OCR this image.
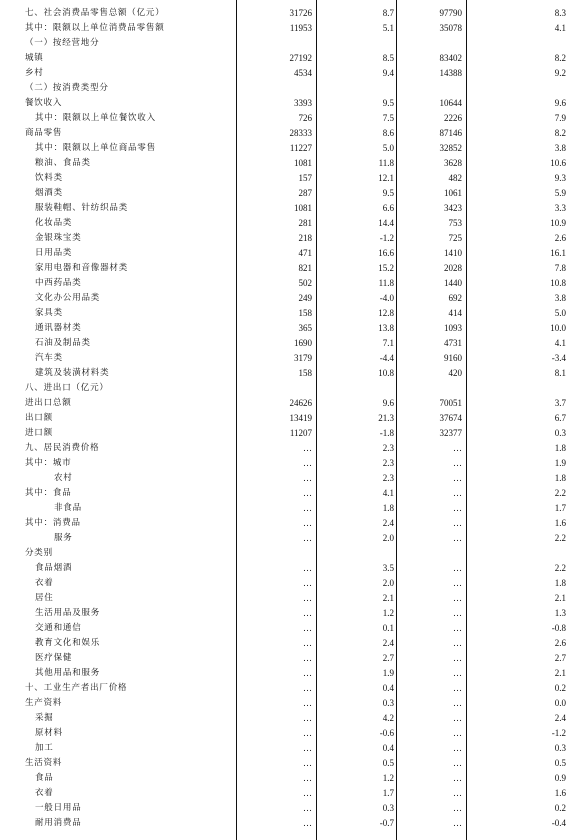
七、社会消费品零售总额（亿元）	31726	8.7	97790	8.3
其中：限额以上单位消费品零售额	11953	5.1	35078	4.1
（一）按经营地分				
城镇	27192	8.5	83402	8.2
乡村	4534	9.4	14388	9.2
（二）按消费类型分				
餐饮收入	3393	9.5	10644	9.6
其中：限额以上单位餐饮收入	726	7.5	2226	7.9
商品零售	28333	8.6	87146	8.2
其中：限额以上单位商品零售	11227	5.0	32852	3.8
粮油、食品类	1081	11.8	3628	10.6
饮料类	157	12.1	482	9.3
烟酒类	287	9.5	1061	5.9
服装鞋帽、针纺织品类	1081	6.6	3423	3.3
化妆品类	281	14.4	753	10.9
金银珠宝类	218	-1.2	725	2.6
日用品类	471	16.6	1410	16.1
家用电器和音像器材类	821	15.2	2028	7.8
中西药品类	502	11.8	1440	10.8
文化办公用品类	249	-4.0	692	3.8
家具类	158	12.8	414	5.0
通讯器材类	365	13.8	1093	10.0
石油及制品类	1690	7.1	4731	4.1
汽车类	3179	-4.4	9160	-3.4
建筑及装潢材料类	158	10.8	420	8.1
八、进出口（亿元）				
进出口总额	24626	9.6	70051	3.7
出口额	13419	21.3	37674	6.7
进口额	11207	-1.8	32377	0.3
九、居民消费价格	…	2.3	…	1.8
其中：城市	…	2.3	…	1.9
农村	…	2.3	…	1.8
其中：食品	…	4.1	…	2.2
非食品	…	1.8	…	1.7
其中：消费品	…	2.4	…	1.6
服务	…	2.0	…	2.2
分类别				
食品烟酒	…	3.5	…	2.2
衣着	…	2.0	…	1.8
居住	…	2.1	…	2.1
生活用品及服务	…	1.2	…	1.3
交通和通信	…	0.1	…	-0.8
教育文化和娱乐	…	2.4	…	2.6
医疗保健	…	2.7	…	2.7
其他用品和服务	…	1.9	…	2.1
十、工业生产者出厂价格	…	0.4	…	0.2
生产资料	…	0.3	…	0.0
采掘	…	4.2	…	2.4
原材料	…	-0.6	…	-1.2
加工	…	0.4	…	0.3
生活资料	…	0.5	…	0.5
食品	…	1.2	…	0.9
衣着	…	1.7	…	1.6
一般日用品	…	0.3	…	0.2
耐用消费品	…	-0.7	…	-0.4
